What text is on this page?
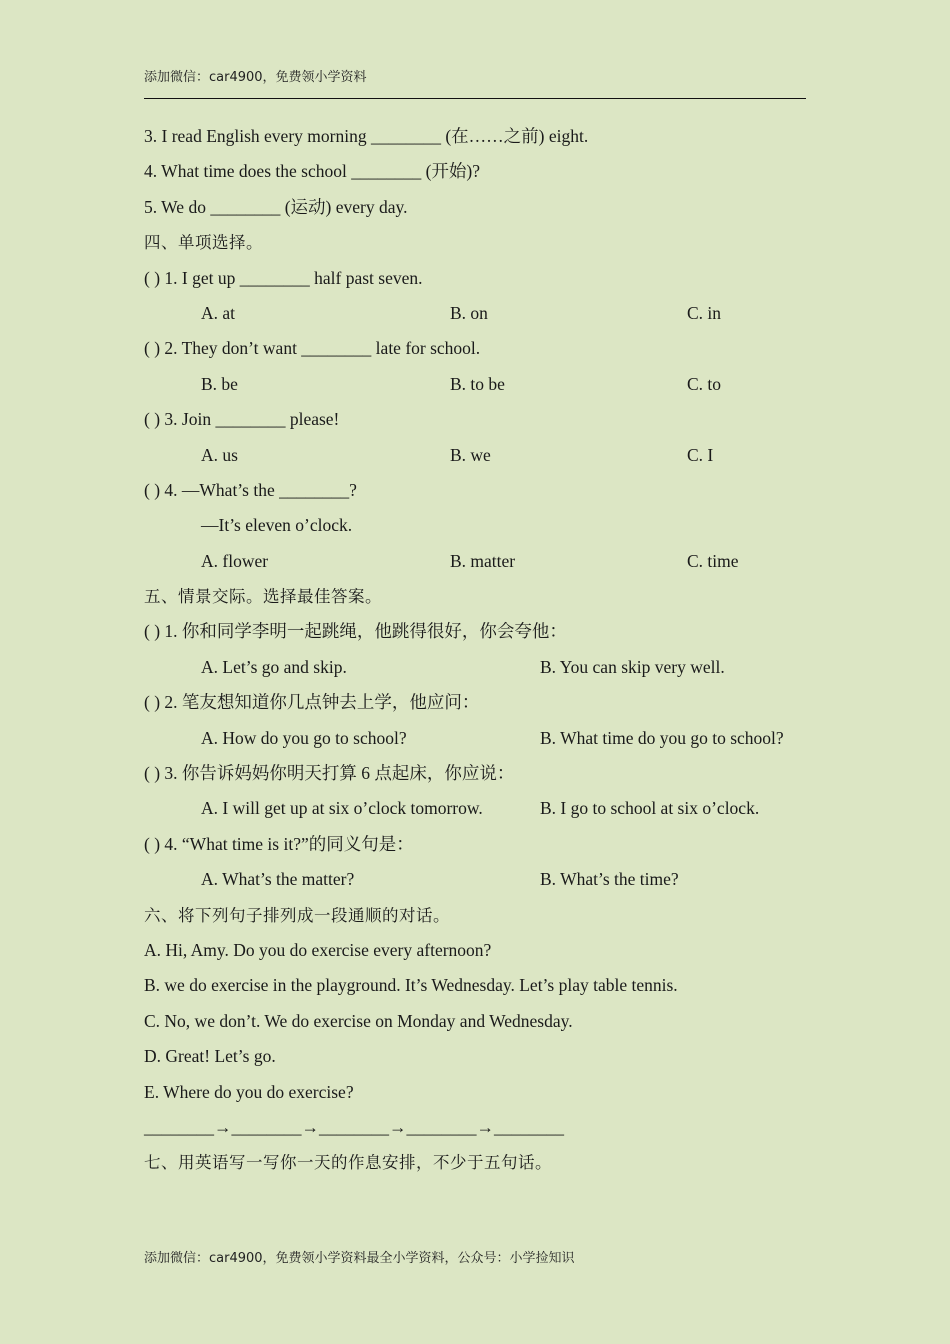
添加微信：car4900，免费领小学资料
3. I read English every morning ________ (在……之前) eight.
4. What time does the school ________ (开始)?
5. We do ________ (运动) every day.
四、单项选择。
( ) 1. I get up ________ half past seven.
A. at	B. on	C. in
( ) 2. They don’t want ________ late for school.
B. be	B. to be	C. to
( ) 3. Join ________ please!
A. us	B. we	C. I
( ) 4. —What’s the ________?
—It’s eleven o’clock.
A. flower	B. matter	C. time
五、情景交际。选择最佳答案。
( ) 1. 你和同学李明一起跳绳，他跳得很好，你会夸他：
A. Let’s go and skip.	B. You can skip very well.
( ) 2. 笔友想知道你几点钟去上学，他应问：
A. How do you go to school?	B. What time do you go to school?
( ) 3. 你告诉妈妈你明天打算 6 点起床，你应说：
A. I will get up at six o’clock tomorrow.	B. I go to school at six o’clock.
( ) 4. “What time is it?”的同义句是：
A. What’s the matter?	B. What’s the time?
六、将下列句子排列成一段通顺的对话。
A. Hi, Amy. Do you do exercise every afternoon?
B. we do exercise in the playground. It’s Wednesday. Let’s play table tennis.
C. No, we don’t. We do exercise on Monday and Wednesday.
D. Great! Let’s go.
E. Where do you do exercise?
________→________→________→________→________
七、用英语写一写你一天的作息安排，不少于五句话。
添加微信：car4900，免费领小学资料最全小学资料，公众号：小学捡知识
